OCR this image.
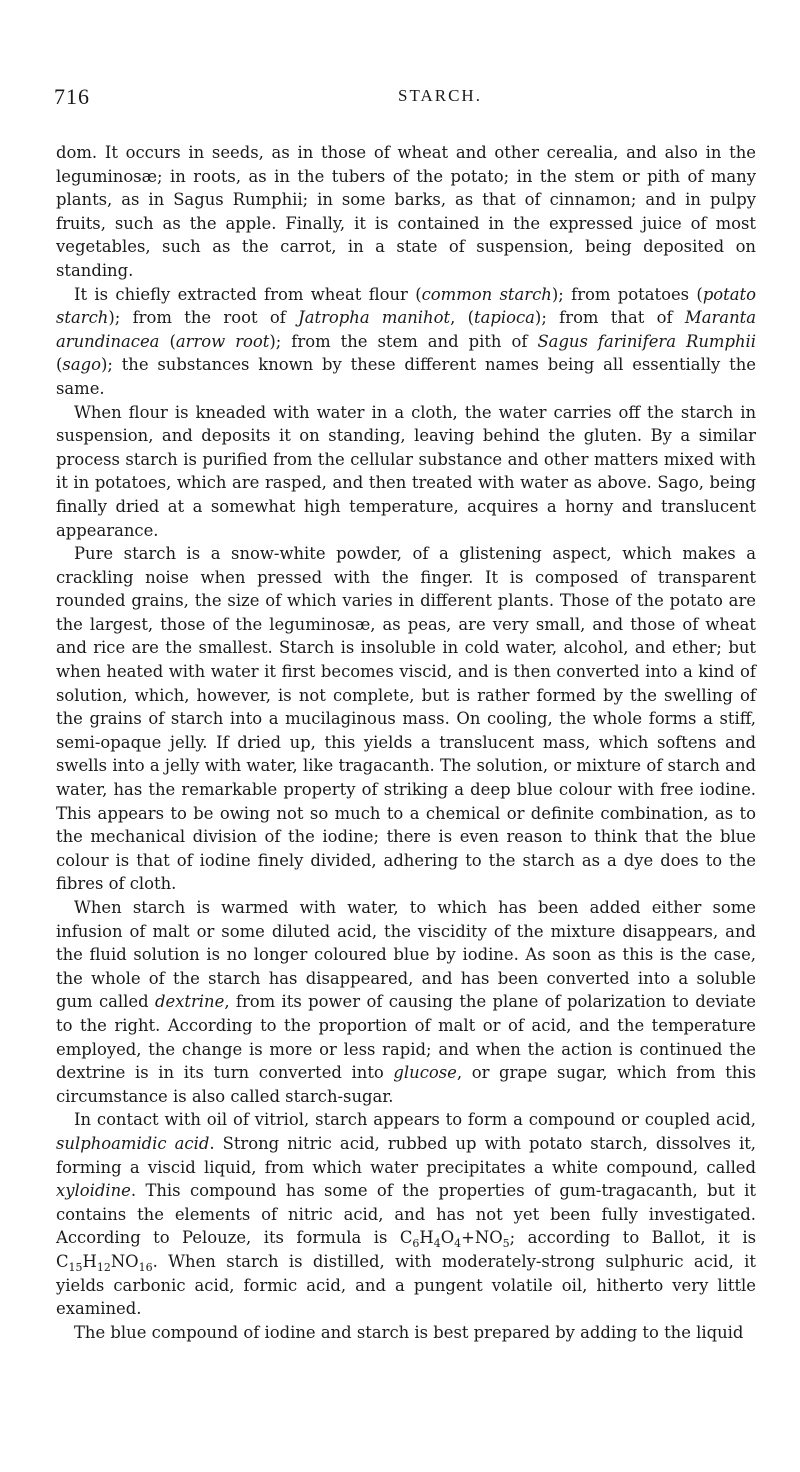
716	STARCH.

dom. It occurs in seeds, as in those of wheat and other cerealia, and also in the leguminosæ; in roots, as in the tubers of the potato; in the stem or pith of many plants, as in Sagus Rumphii; in some barks, as that of cinnamon; and in pulpy fruits, such as the apple. Finally, it is contained in the expressed juice of most vegetables, such as the carrot, in a state of suspension, being deposited on standing.

It is chiefly extracted from wheat flour (common starch); from potatoes (potato starch); from the root of Jatropha manihot, (tapioca); from that of Maranta arundinacea (arrow root); from the stem and pith of Sagus farinifera Rumphii (sago); the substances known by these different names being all essentially the same.

When flour is kneaded with water in a cloth, the water carries off the starch in suspension, and deposits it on standing, leaving behind the gluten. By a similar process starch is purified from the cellular substance and other matters mixed with it in potatoes, which are rasped, and then treated with water as above. Sago, being finally dried at a somewhat high temperature, acquires a horny and translucent appearance.

Pure starch is a snow-white powder, of a glistening aspect, which makes a crackling noise when pressed with the finger. It is composed of transparent rounded grains, the size of which varies in different plants. Those of the potato are the largest, those of the leguminosæ, as peas, are very small, and those of wheat and rice are the smallest. Starch is insoluble in cold water, alcohol, and ether; but when heated with water it first becomes viscid, and is then converted into a kind of solution, which, however, is not complete, but is rather formed by the swelling of the grains of starch into a mucilaginous mass. On cooling, the whole forms a stiff, semi-opaque jelly. If dried up, this yields a translucent mass, which softens and swells into a jelly with water, like tragacanth. The solution, or mixture of starch and water, has the remarkable property of striking a deep blue colour with free iodine. This appears to be owing not so much to a chemical or definite combination, as to the mechanical division of the iodine; there is even reason to think that the blue colour is that of iodine finely divided, adhering to the starch as a dye does to the fibres of cloth.

When starch is warmed with water, to which has been added either some infusion of malt or some diluted acid, the viscidity of the mixture disappears, and the fluid solution is no longer coloured blue by iodine. As soon as this is the case, the whole of the starch has disappeared, and has been converted into a soluble gum called dextrine, from its power of causing the plane of polarization to deviate to the right. According to the proportion of malt or of acid, and the temperature employed, the change is more or less rapid; and when the action is continued the dextrine is in its turn converted into glucose, or grape sugar, which from this circumstance is also called starch-sugar.

In contact with oil of vitriol, starch appears to form a compound or coupled acid, sulphoamidic acid. Strong nitric acid, rubbed up with potato starch, dissolves it, forming a viscid liquid, from which water precipitates a white compound, called xyloidine. This compound has some of the properties of gum-tragacanth, but it contains the elements of nitric acid, and has not yet been fully investigated. According to Pelouze, its formula is $C_6H_4O_4+NO_5$; according to Ballot, it is $C_{15}H_{12}NO_{16}$. When starch is distilled, with moderately-strong sulphuric acid, it yields carbonic acid, formic acid, and a pungent volatile oil, hitherto very little examined.

The blue compound of iodine and starch is best prepared by adding to the liquid
